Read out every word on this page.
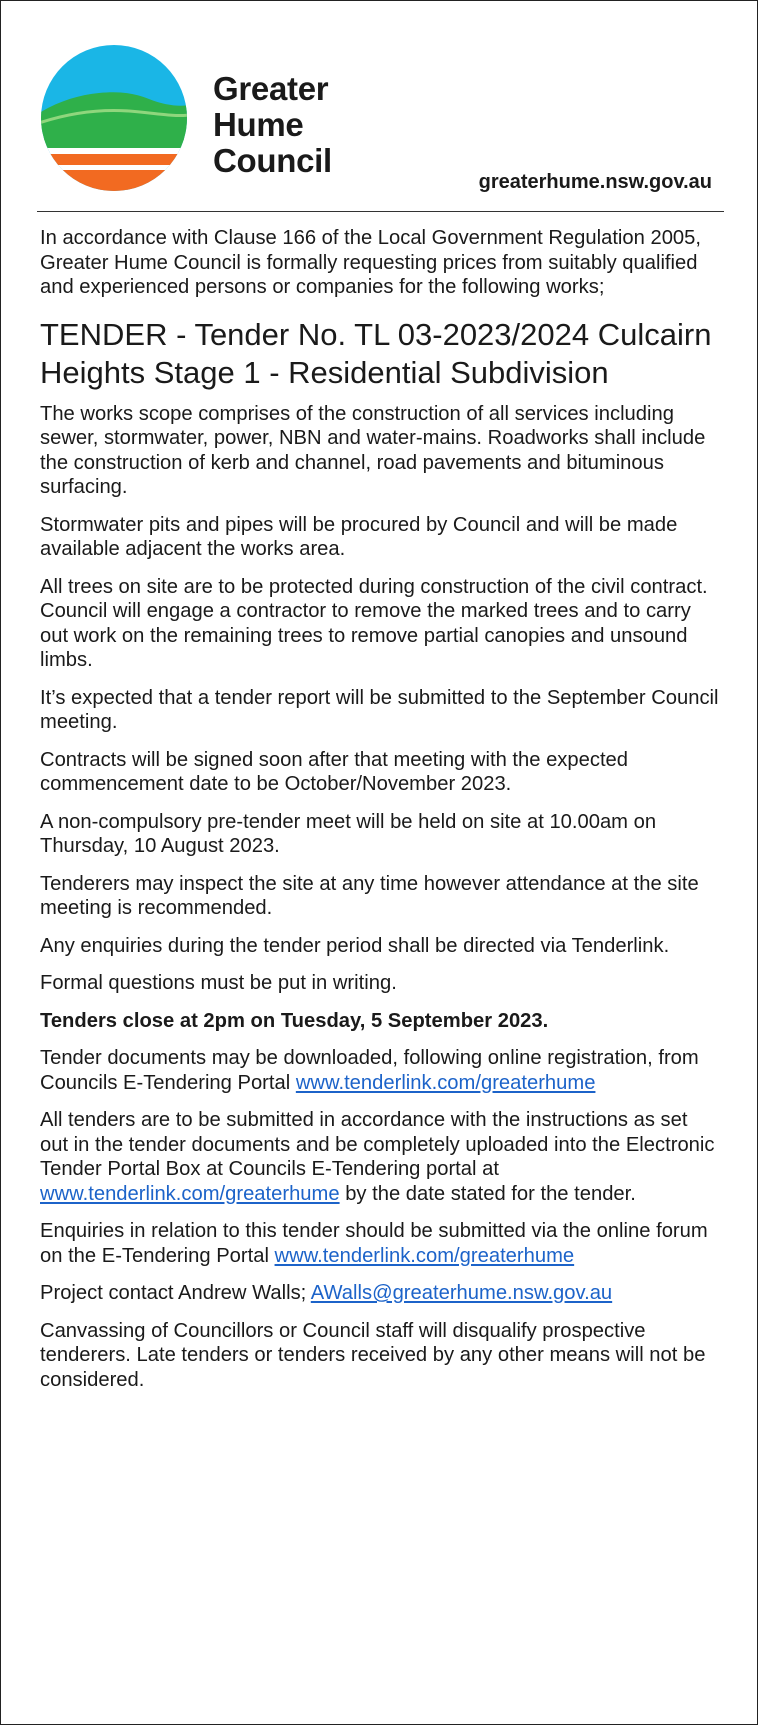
Greater
Hume
Council
greaterhume.nsw.gov.au

In accordance with Clause 166 of the Local Government Regulation 2005, Greater Hume Council is formally requesting prices from suitably qualified and experienced persons or companies for the following works;

TENDER - Tender No. TL 03-2023/2024 Culcairn Heights Stage 1 - Residential Subdivision

The works scope comprises of the construction of all services including sewer, stormwater, power, NBN and water-mains. Roadworks shall include the construction of kerb and channel, road pavements and bituminous surfacing.

Stormwater pits and pipes will be procured by Council and will be made available adjacent the works area.

All trees on site are to be protected during construction of the civil contract. Council will engage a contractor to remove the marked trees and to carry out work on the remaining trees to remove partial canopies and unsound limbs.

It’s expected that a tender report will be submitted to the September Council meeting.

Contracts will be signed soon after that meeting with the expected commencement date to be October/November 2023.

A non-compulsory pre-tender meet will be held on site at 10.00am on Thursday, 10 August 2023.

Tenderers may inspect the site at any time however attendance at the site meeting is recommended.

Any enquiries during the tender period shall be directed via Tenderlink.

Formal questions must be put in writing.

Tenders close at 2pm on Tuesday, 5 September 2023.

Tender documents may be downloaded, following online registration, from Councils E-Tendering Portal www.tenderlink.com/greaterhume

All tenders are to be submitted in accordance with the instructions as set out in the tender documents and be completely uploaded into the Electronic Tender Portal Box at Councils E-Tendering portal at www.tenderlink.com/greaterhume by the date stated for the tender.

Enquiries in relation to this tender should be submitted via the online forum on the E-Tendering Portal www.tenderlink.com/greaterhume

Project contact Andrew Walls; AWalls@greaterhume.nsw.gov.au

Canvassing of Councillors or Council staff will disqualify prospective tenderers. Late tenders or tenders received by any other means will not be considered.
